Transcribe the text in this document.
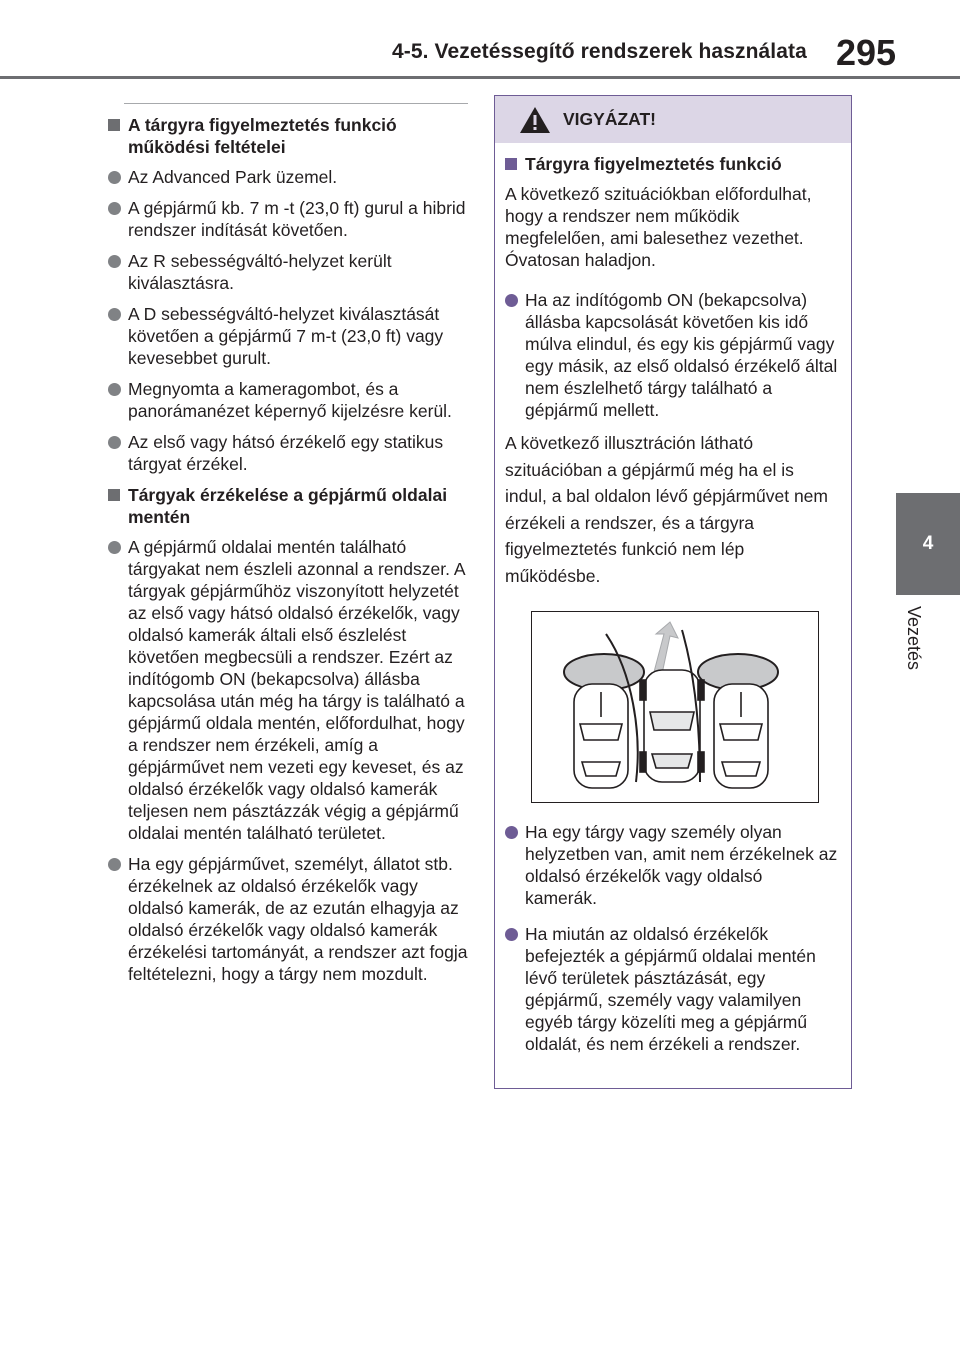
4-5. Vezetéssegítő rendszerek használata 295
4
Vezetés
A tárgyra figyelmeztetés funkció működési feltételei
Az Advanced Park üzemel.
A gépjármű kb. 7 m -t (23,0 ft) gurul a hibrid rendszer indítását követően.
Az R sebességváltó-helyzet került kiválasztásra.
A D sebességváltó-helyzet kiválasztását követően a gépjármű 7 m-t (23,0 ft) vagy kevesebbet gurult.
Megnyomta a kameragombot, és a panorámanézet képernyő kijelzésre kerül.
Az első vagy hátsó érzékelő egy statikus tárgyat érzékel.
Tárgyak érzékelése a gépjármű oldalai mentén
A gépjármű oldalai mentén található tárgyakat nem észleli azonnal a rendszer. A tárgyak gépjárműhöz viszonyított helyzetét az első vagy hátsó oldalsó érzékelők, vagy oldalsó kamerák általi első észlelést követően megbecsüli a rendszer. Ezért az indítógomb ON (bekapcsolva) állásba kapcsolása után még ha tárgy is található a gépjármű oldala mentén, előfordulhat, hogy a rendszer nem érzékeli, amíg a gépjárművet nem vezeti egy keveset, és az oldalsó érzékelők vagy oldalsó kamerák teljesen nem pásztázzák végig a gépjármű oldalai mentén található területet.
Ha egy gépjárművet, személyt, állatot stb. érzékelnek az oldalsó érzékelők vagy oldalsó kamerák, de az ezután elhagyja az oldalsó érzékelők vagy oldalsó kamerák érzékelési tartományát, a rendszer azt fogja feltételezni, hogy a tárgy nem mozdult.
VIGYÁZAT!
Tárgyra figyelmeztetés funkció
A következő szituációkban előfordulhat, hogy a rendszer nem működik megfelelően, ami balesethez vezethet. Óvatosan haladjon.
Ha az indítógomb ON (bekapcsolva) állásba kapcsolását követően kis idő múlva elindul, és egy kis gépjármű vagy egy másik, az első oldalsó érzékelő által nem észlelhető tárgy található a gépjármű mellett.
A következő illusztráción látható szituációban a gépjármű még ha el is indul, a bal oldalon lévő gépjárművet nem érzékeli a rendszer, és a tárgyra figyelmeztetés funkció nem lép működésbe.
Ha egy tárgy vagy személy olyan helyzetben van, amit nem érzékelnek az oldalsó érzékelők vagy oldalsó kamerák.
Ha miután az oldalsó érzékelők befejezték a gépjármű oldalai mentén lévő területek pásztázását, egy gépjármű, személy vagy valamilyen egyéb tárgy közelíti meg a gépjármű oldalát, és nem érzékeli a rendszer.
